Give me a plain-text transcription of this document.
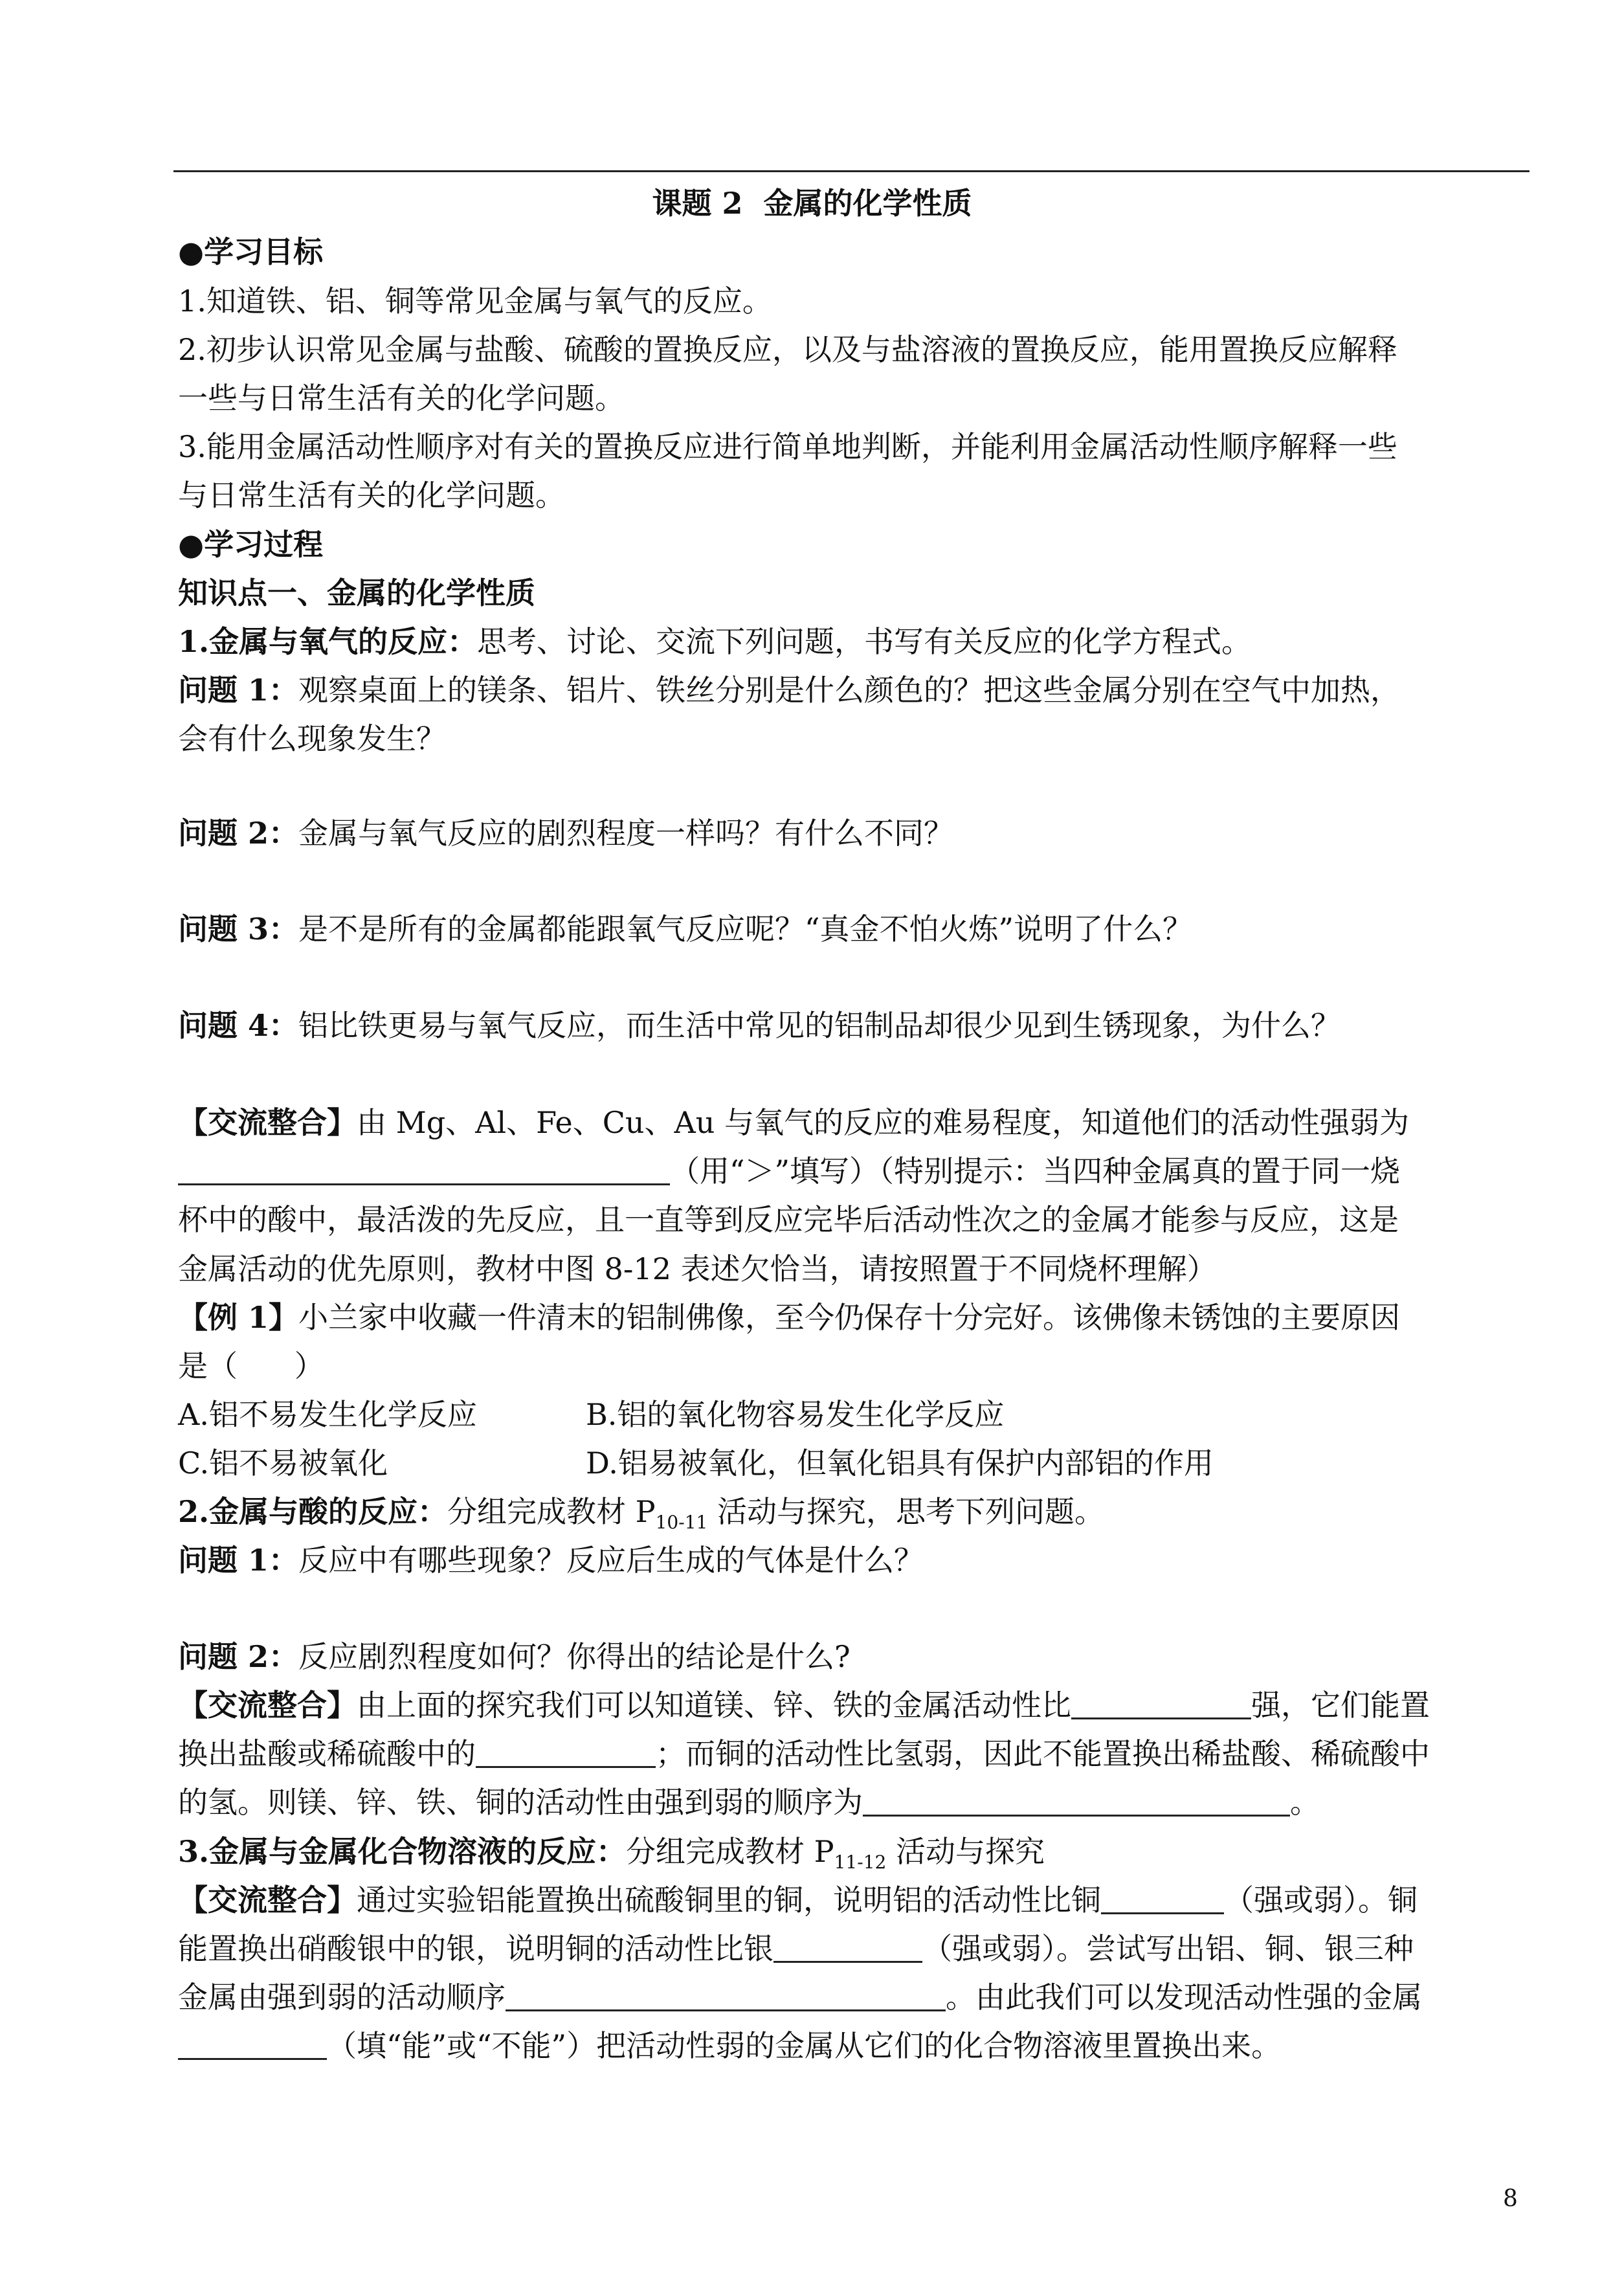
课题 2  金属的化学性质
●学习目标
1.知道铁、铝、铜等常见金属与氧气的反应。
2.初步认识常见金属与盐酸、硫酸的置换反应，以及与盐溶液的置换反应，能用置换反应解释
一些与日常生活有关的化学问题。
3.能用金属活动性顺序对有关的置换反应进行简单地判断，并能利用金属活动性顺序解释一些
与日常生活有关的化学问题。
●学习过程
知识点一、金属的化学性质
1.金属与氧气的反应：思考、讨论、交流下列问题，书写有关反应的化学方程式。
问题 1：观察桌面上的镁条、铝片、铁丝分别是什么颜色的？把这些金属分别在空气中加热，
会有什么现象发生？
问题 2：金属与氧气反应的剧烈程度一样吗？有什么不同？
问题 3：是不是所有的金属都能跟氧气反应呢？“真金不怕火炼”说明了什么？
问题 4：铝比铁更易与氧气反应，而生活中常见的铝制品却很少见到生锈现象，为什么？
【交流整合】由 Mg、Al、Fe、Cu、Au 与氧气的反应的难易程度，知道他们的活动性强弱为
（用“＞”填写）（特别提示：当四种金属真的置于同一烧
杯中的酸中，最活泼的先反应，且一直等到反应完毕后活动性次之的金属才能参与反应，这是
金属活动的优先原则，教材中图 8-12 表述欠恰当，请按照置于不同烧杯理解）
【例 1】小兰家中收藏一件清末的铝制佛像，至今仍保存十分完好。该佛像未锈蚀的主要原因
是（      ）
A.铝不易发生化学反应	B.铝的氧化物容易发生化学反应
C.铝不易被氧化	D.铝易被氧化，但氧化铝具有保护内部铝的作用
2.金属与酸的反应：分组完成教材 $P_{10-11}$ 活动与探究，思考下列问题。
问题 1：反应中有哪些现象？反应后生成的气体是什么？
问题 2：反应剧烈程度如何？你得出的结论是什么?
【交流整合】由上面的探究我们可以知道镁、锌、铁的金属活动性比	强，它们能置
换出盐酸或稀硫酸中的	；而铜的活动性比氢弱，因此不能置换出稀盐酸、稀硫酸中
的氢。则镁、锌、铁、铜的活动性由强到弱的顺序为	。
3.金属与金属化合物溶液的反应：分组完成教材 $P_{11-12}$ 活动与探究
【交流整合】通过实验铝能置换出硫酸铜里的铜，说明铝的活动性比铜	（强或弱）。铜
能置换出硝酸银中的银，说明铜的活动性比银	（强或弱）。尝试写出铝、铜、银三种
金属由强到弱的活动顺序	。由此我们可以发现活动性强的金属
（填“能”或“不能”）把活动性弱的金属从它们的化合物溶液里置换出来。
8
